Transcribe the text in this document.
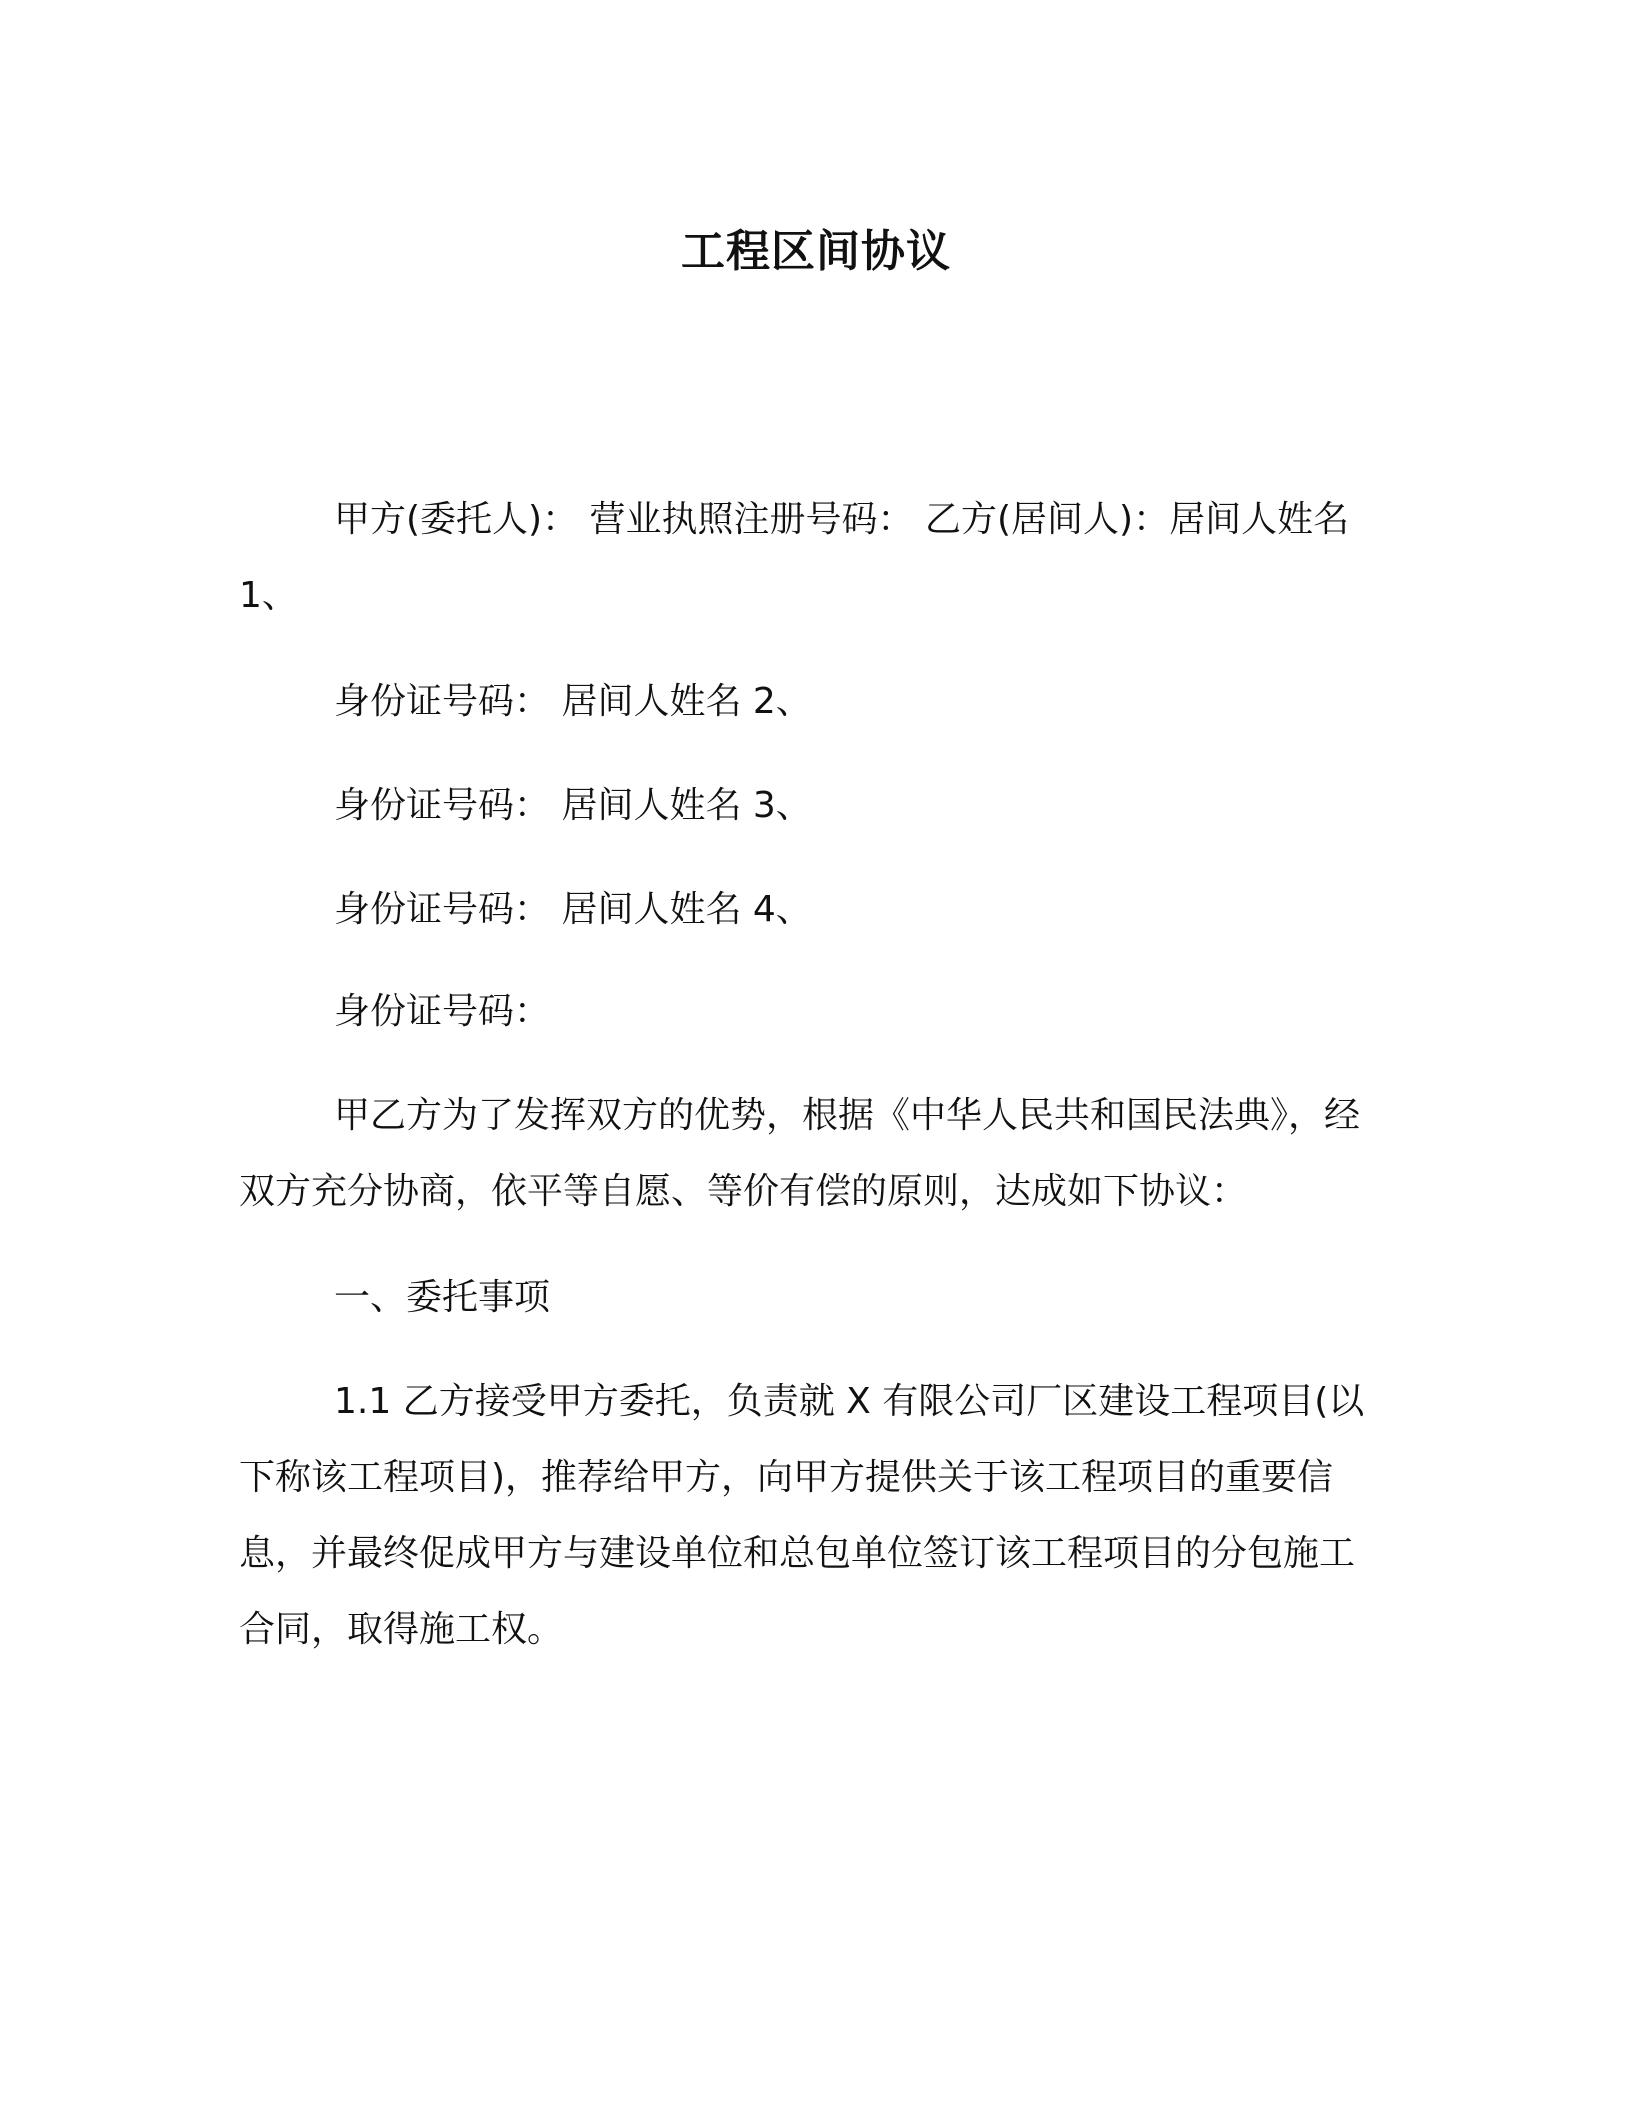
工程区间协议

甲方(委托人)： 营业执照注册号码： 乙方(居间人)：居间人姓名 1、

身份证号码： 居间人姓名 2、

身份证号码： 居间人姓名 3、

身份证号码： 居间人姓名 4、

身份证号码：

甲乙方为了发挥双方的优势，根据《中华人民共和国民法典》，经双方充分协商，依平等自愿、等价有偿的原则，达成如下协议：

一、委托事项

1.1 乙方接受甲方委托，负责就 X 有限公司厂区建设工程项目(以下称该工程项目)，推荐给甲方，向甲方提供关于该工程项目的重要信息，并最终促成甲方与建设单位和总包单位签订该工程项目的分包施工合同，取得施工权。
